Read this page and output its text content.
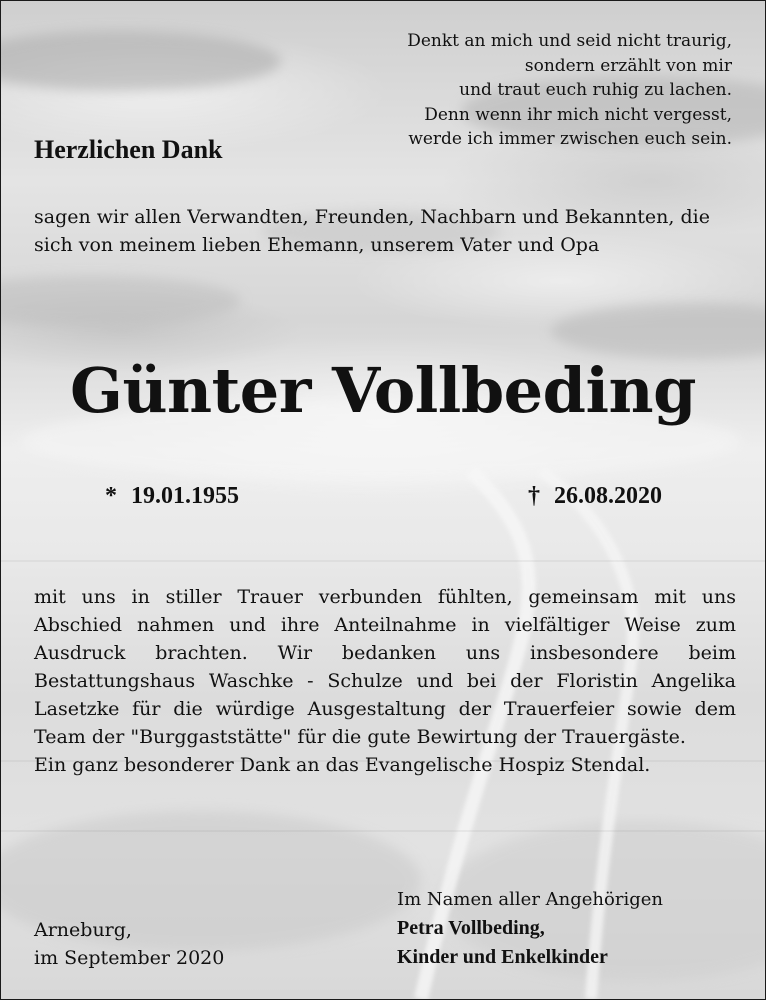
Denkt an mich und seid nicht traurig,
sondern erzählt von mir
und traut euch ruhig zu lachen.
Denn wenn ihr mich nicht vergesst,
werde ich immer zwischen euch sein.
Herzlichen Dank
sagen wir allen Verwandten, Freunden, Nachbarn und Bekannten, die sich von meinem lieben Ehemann, unserem Vater und Opa
Günter Vollbeding
* 19.01.1955	† 26.08.2020

mit uns in stiller Trauer verbunden fühlten, gemeinsam mit uns Abschied nahmen und ihre Anteilnahme in vielfältiger Weise zum Ausdruck brachten. Wir bedanken uns insbesondere beim Bestattungshaus Waschke - Schulze und bei der Floristin Angelika Lasetzke für die würdige Ausgestaltung der Trauerfeier sowie dem Team der "Burggaststätte" für die gute Bewirtung der Trauergäste.

Ein ganz besonderer Dank an das Evangelische Hospiz Stendal.

Arneburg,
im September 2020
Im Namen aller Angehörigen
Petra Vollbeding,
Kinder und Enkelkinder
